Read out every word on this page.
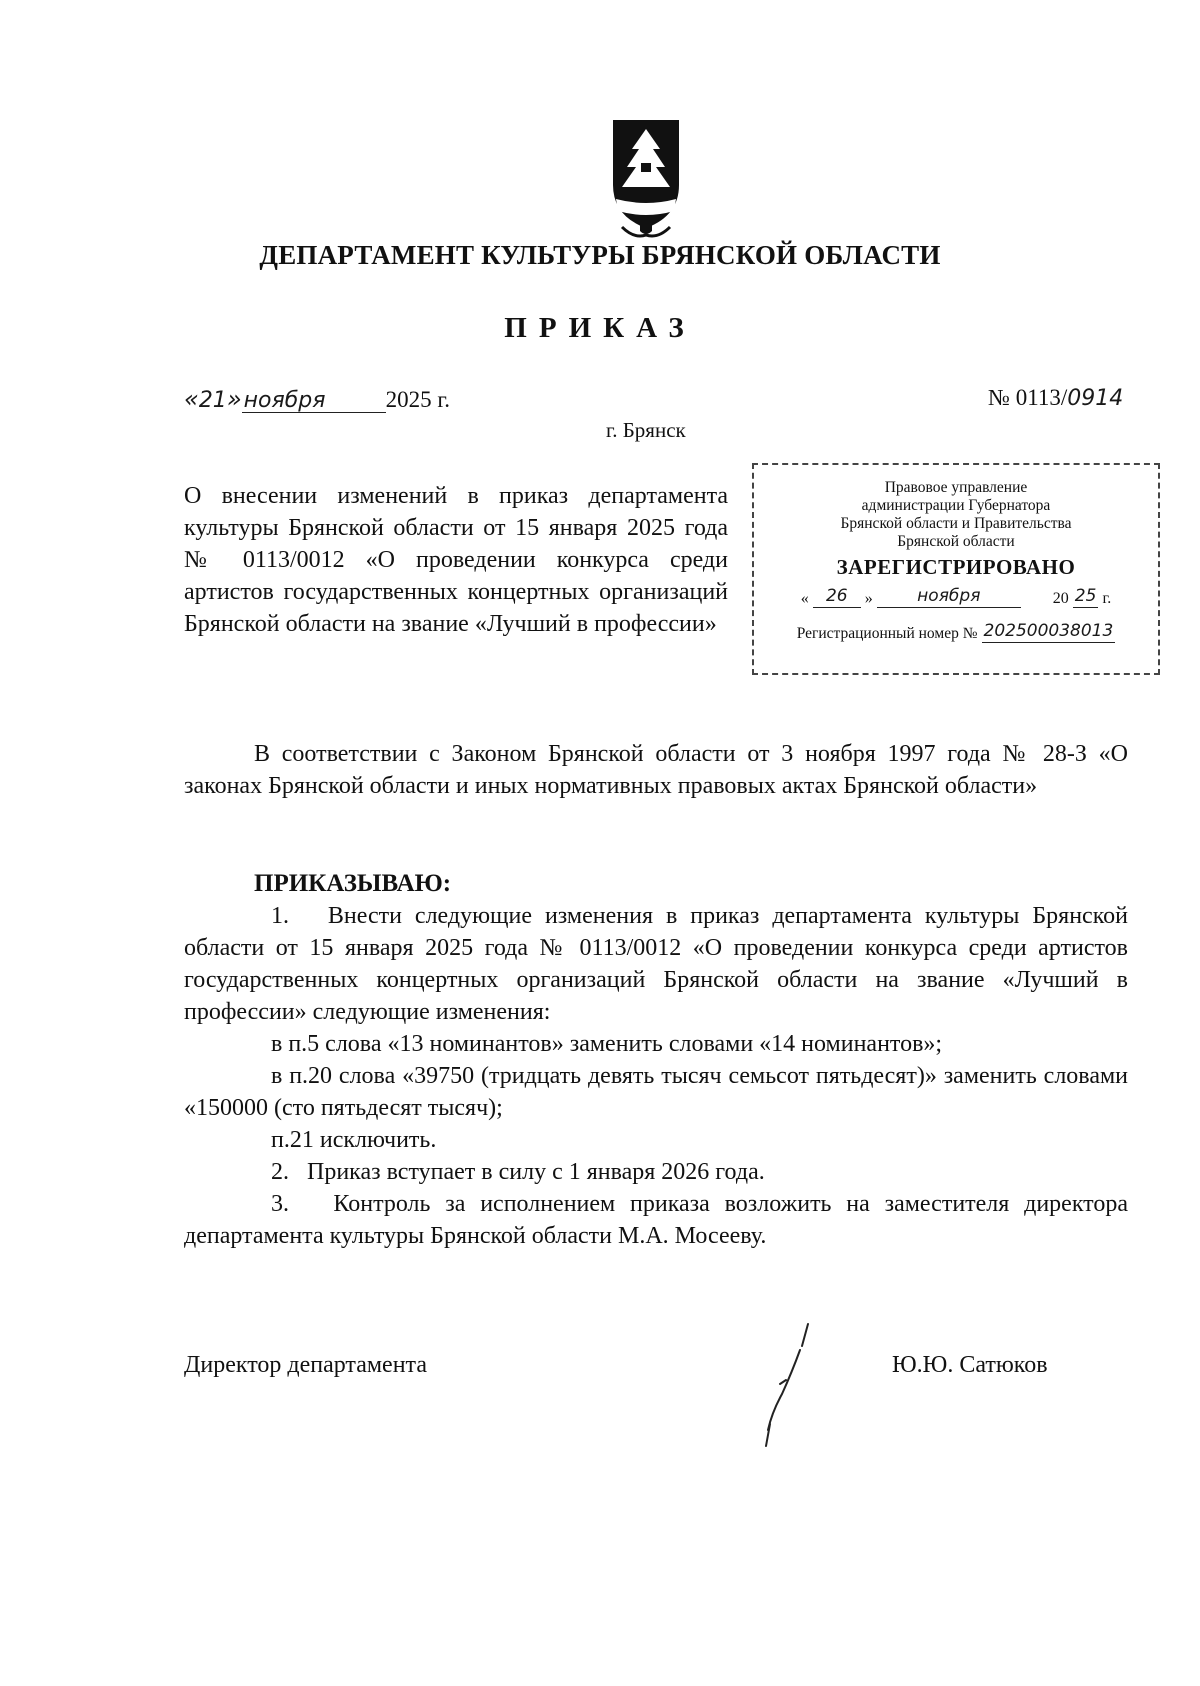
ДЕПАРТАМЕНТ КУЛЬТУРЫ БРЯНСКОЙ ОБЛАСТИ
ПРИКАЗ
« 21 » ноября	2025 г.	№ 0113/0914
г. Брянск
О внесении изменений в приказ департамента культуры Брянской области от 15 января 2025 года № 0113/0012 «О проведении конкурса среди артистов государственных концертных организаций Брянской области на звание «Лучший в профессии»
Правовое управление
администрации Губернатора
Брянской области и Правительства
Брянской области
ЗАРЕГИСТРИРОВАНО
«	26	»	ноября	20 25 г.
Регистрационный номер № 202500038013
В соответствии с Законом Брянской области от 3 ноября 1997 года № 28-З «О законах Брянской области и иных нормативных правовых актах Брянской области»
ПРИКАЗЫВАЮ:
1.   Внести следующие изменения в приказ департамента культуры Брянской области от 15 января 2025 года № 0113/0012 «О проведении конкурса среди артистов государственных концертных организаций Брянской области на звание «Лучший в профессии» следующие изменения:
в п.5 слова «13 номинантов» заменить словами «14 номинантов»;
в п.20 слова «39750 (тридцать девять тысяч семьсот пятьдесят)» заменить словами «150000 (сто пятьдесят тысяч);
п.21 исключить.
2.   Приказ вступает в силу с 1 января 2026 года.
3.   Контроль за исполнением приказа возложить на заместителя директора департамента культуры Брянской области М.А. Мосееву.
Директор департамента	Ю.Ю. Сатюков
